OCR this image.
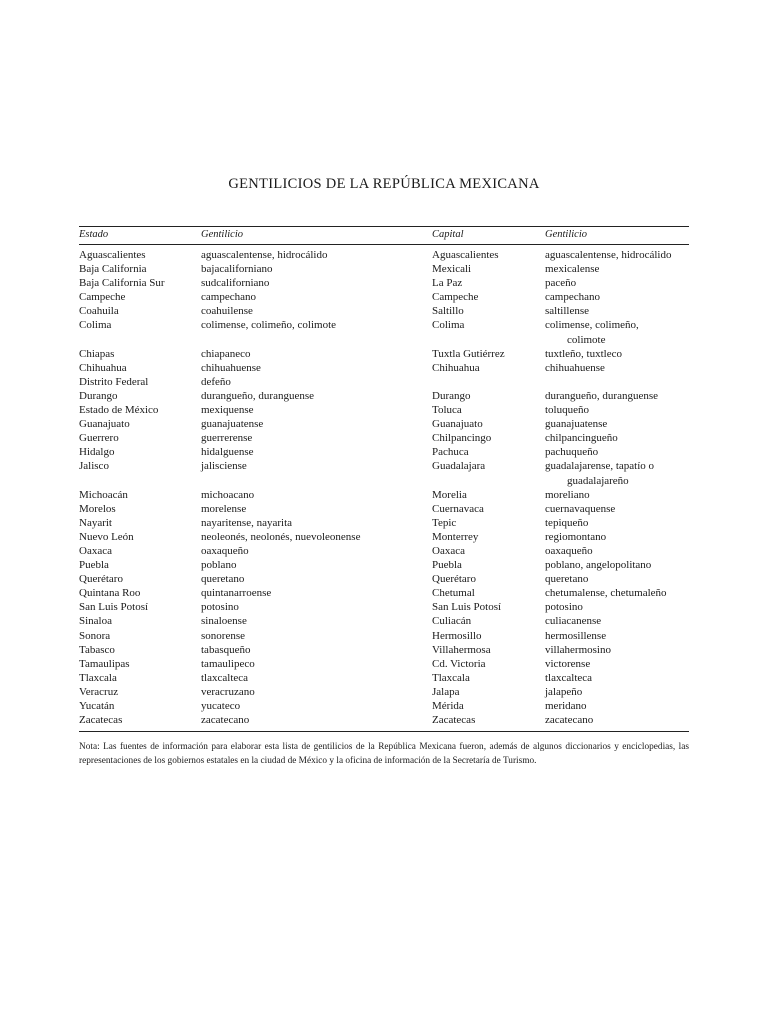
GENTILICIOS DE LA REPÚBLICA MEXICANA
Estado	Gentilicio	Capital	Gentilicio
Aguascalientes	aguascalentense, hidrocálido	Aguascalientes	aguascalentense, hidrocálido
Baja California	bajacaliforniano	Mexicali	mexicalense
Baja California Sur	sudcaliforniano	La Paz	paceño
Campeche	campechano	Campeche	campechano
Coahuila	coahuilense	Saltillo	saltillense
Colima	colimense, colimeño, colimote	Colima	colimense, colimeño,
colimote
Chiapas	chiapaneco	Tuxtla Gutiérrez	tuxtleño, tuxtleco
Chihuahua	chihuahuense	Chihuahua	chihuahuense
Distrito Federal	defeño
Durango	durangueño, duranguense	Durango	durangueño, duranguense
Estado de México	mexiquense	Toluca	toluqueño
Guanajuato	guanajuatense	Guanajuato	guanajuatense
Guerrero	guerrerense	Chilpancingo	chilpancingueño
Hidalgo	hidalguense	Pachuca	pachuqueño
Jalisco	jalisciense	Guadalajara	guadalajarense, tapatío o
guadalajareño
Michoacán	michoacano	Morelia	moreliano
Morelos	morelense	Cuernavaca	cuernavaquense
Nayarit	nayaritense, nayarita	Tepic	tepiqueño
Nuevo León	neoleonés, neolonés, nuevoleonense	Monterrey	regiomontano
Oaxaca	oaxaqueño	Oaxaca	oaxaqueño
Puebla	poblano	Puebla	poblano, angelopolitano
Querétaro	queretano	Querétaro	queretano
Quintana Roo	quintanarroense	Chetumal	chetumalense, chetumaleño
San Luis Potosí	potosino	San Luis Potosí	potosino
Sinaloa	sinaloense	Culiacán	culiacanense
Sonora	sonorense	Hermosillo	hermosillense
Tabasco	tabasqueño	Villahermosa	villahermosino
Tamaulipas	tamaulipeco	Cd. Victoria	victorense
Tlaxcala	tlaxcalteca	Tlaxcala	tlaxcalteca
Veracruz	veracruzano	Jalapa	jalapeño
Yucatán	yucateco	Mérida	meridano
Zacatecas	zacatecano	Zacatecas	zacatecano
Nota: Las fuentes de información para elaborar esta lista de gentilicios de la República Mexicana fueron, además de algunos diccionarios y enciclopedias, las representaciones de los gobiernos estatales en la ciudad de México y la oficina de información de la Secretaría de Turismo.
